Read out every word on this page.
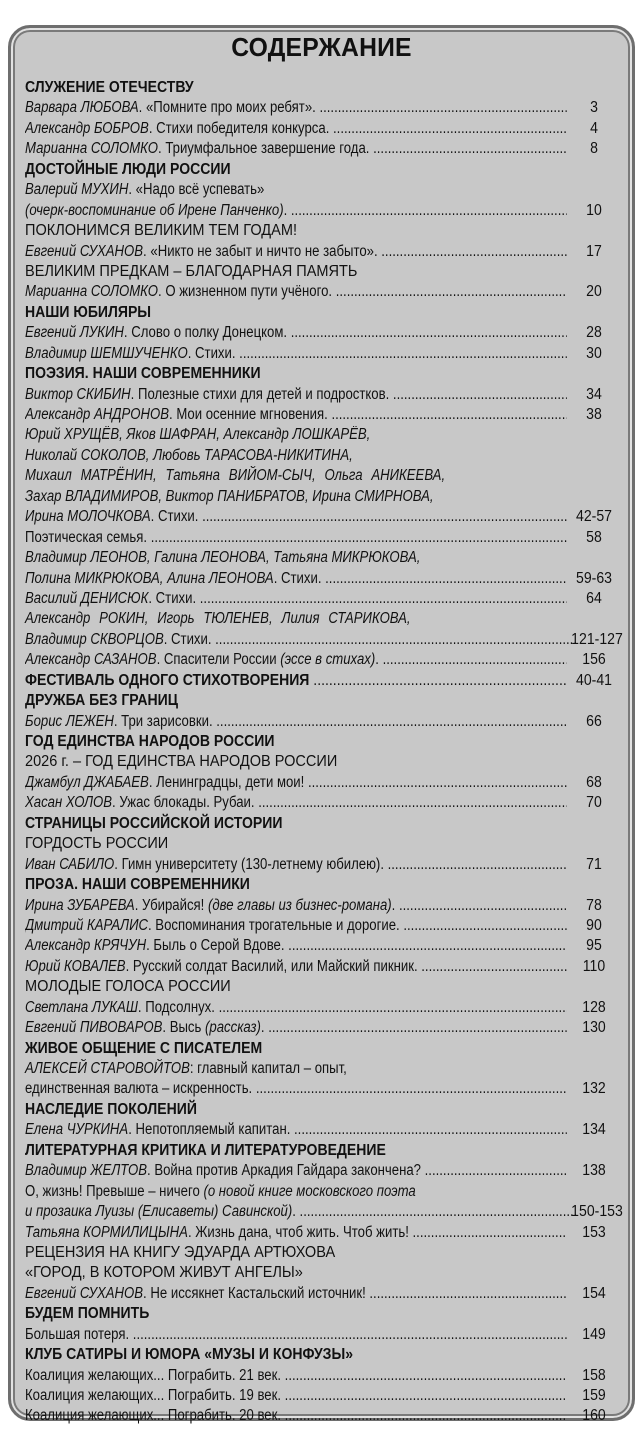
СОДЕРЖАНИЕ
СЛУЖЕНИЕ ОТЕЧЕСТВУ
Варвара ЛЮБОВА. «Помните про моих ребят». .....	3
Александр БОБРОВ. Стихи победителя конкурса. .....	4
Марианна СОЛОМКО. Триумфальное завершение года. .....	8
ДОСТОЙНЫЕ ЛЮДИ РОССИИ
Валерий МУХИН. «Надо всё успевать»
(очерк-воспоминание об Ирене Панченко). .....	10
ПОКЛОНИМСЯ ВЕЛИКИМ ТЕМ ГОДАМ!
Евгений СУХАНОВ. «Никто не забыт и ничто не забыто». .....	17
ВЕЛИКИМ ПРЕДКАМ – БЛАГОДАРНАЯ ПАМЯТЬ
Марианна СОЛОМКО. О жизненном пути учёного. .....	20
НАШИ ЮБИЛЯРЫ
Евгений ЛУКИН. Слово о полку Донецком. .....	28
Владимир ШЕМШУЧЕНКО. Стихи. .....	30
ПОЭЗИЯ. НАШИ СОВРЕМЕННИКИ
Виктор СКИБИН. Полезные стихи для детей и подростков. .....	34
Александр АНДРОНОВ. Мои осенние мгновения. .....	38
Юрий ХРУЩЁВ, Яков ШАФРАН, Александр ЛОШКАРЁВ,
Николай СОКОЛОВ, Любовь ТАРАСОВА-НИКИТИНА,
Михаил МАТРЁНИН, Татьяна ВИЙОМ-СЫЧ, Ольга АНИКЕЕВА,
Захар ВЛАДИМИРОВ, Виктор ПАНИБРАТОВ, Ирина СМИРНОВА,
Ирина МОЛОЧКОВА. Стихи. .....	42-57
Поэтическая семья. .....	58
Владимир ЛЕОНОВ, Галина ЛЕОНОВА, Татьяна МИКРЮКОВА,
Полина МИКРЮКОВА, Алина ЛЕОНОВА. Стихи. .....	59-63
Василий ДЕНИСЮК. Стихи. .....	64
Александр РОКИН, Игорь ТЮЛЕНЕВ, Лилия СТАРИКОВА,
Владимир СКВОРЦОВ. Стихи. .....	121-127
Александр САЗАНОВ. Спасители России (эссе в стихах). .....	156
ФЕСТИВАЛЬ ОДНОГО СТИХОТВОРЕНИЯ .....	40-41
ДРУЖБА БЕЗ ГРАНИЦ
Борис ЛЕЖЕН. Три зарисовки. .....	66
ГОД ЕДИНСТВА НАРОДОВ РОССИИ
2026 г. – ГОД ЕДИНСТВА НАРОДОВ РОССИИ
Джамбул ДЖАБАЕВ. Ленинградцы, дети мои! .....	68
Хасан ХОЛОВ. Ужас блокады. Рубаи. .....	70
СТРАНИЦЫ РОССИЙСКОЙ ИСТОРИИ
ГОРДОСТЬ РОССИИ
Иван САБИЛО. Гимн университету (130-летнему юбилею). .....	71
ПРОЗА. НАШИ СОВРЕМЕННИКИ
Ирина ЗУБАРЕВА. Убирайся! (две главы из бизнес-романа). .....	78
Дмитрий КАРАЛИС. Воспоминания трогательные и дорогие. .....	90
Александр КРЯЧУН. Быль о Серой Вдове. .....	95
Юрий КОВАЛЕВ. Русский солдат Василий, или Майский пикник. .....	110
МОЛОДЫЕ ГОЛОСА РОССИИ
Светлана ЛУКАШ. Подсолнух. .....	128
Евгений ПИВОВАРОВ. Высь (рассказ). .....	130
ЖИВОЕ ОБЩЕНИЕ С ПИСАТЕЛЕМ
АЛЕКСЕЙ СТАРОВОЙТОВ: главный капитал – опыт,
единственная валюта – искренность. .....	132
НАСЛЕДИЕ ПОКОЛЕНИЙ
Елена ЧУРКИНА. Непотопляемый капитан. .....	134
ЛИТЕРАТУРНАЯ КРИТИКА И ЛИТЕРАТУРОВЕДЕНИЕ
Владимир ЖЕЛТОВ. Война против Аркадия Гайдара закончена? .....	138
О, жизнь! Превыше – ничего (о новой книге московского поэта
и прозаика Луизы (Елисаветы) Савинской). .....	150-153
Татьяна КОРМИЛИЦЫНА. Жизнь дана, чтоб жить. Чтоб жить! .....	153
РЕЦЕНЗИЯ НА КНИГУ ЭДУАРДА АРТЮХОВА
«ГОРОД, В КОТОРОМ ЖИВУТ АНГЕЛЫ»
Евгений СУХАНОВ. Не иссякнет Кастальский источник! .....	154
БУДЕМ ПОМНИТЬ
Большая потеря. .....	149
КЛУБ САТИРЫ И ЮМОРА «МУЗЫ И КОНФУЗЫ»
Коалиция желающих... Пограбить. 21 век. .....	158
Коалиция желающих... Пограбить. 19 век. .....	159
Коалиция желающих... Пограбить. 20 век. .....	160
